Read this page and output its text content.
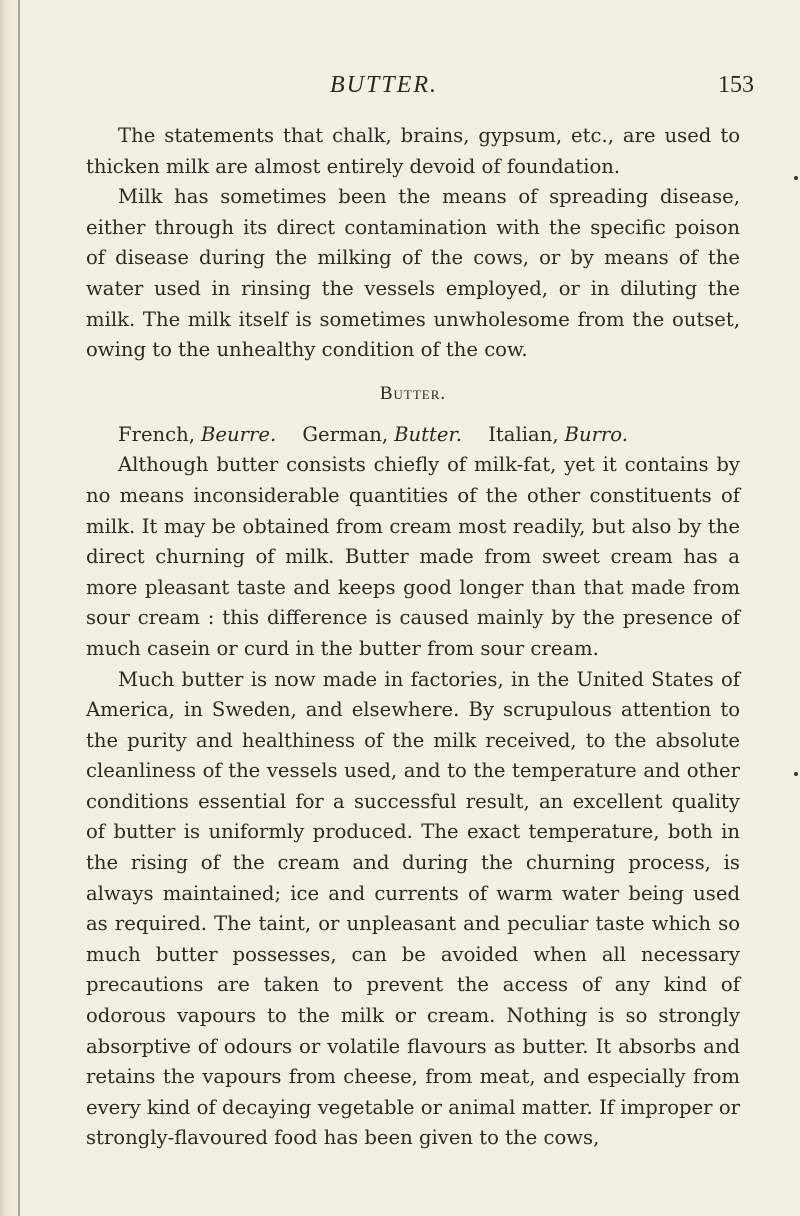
BUTTER.	153

The statements that chalk, brains, gypsum, etc., are used to thicken milk are almost entirely devoid of foundation.

Milk has sometimes been the means of spreading disease, either through its direct contamination with the specific poison of disease during the milking of the cows, or by means of the water used in rinsing the vessels employed, or in diluting the milk. The milk itself is sometimes unwholesome from the outset, owing to the unhealthy condition of the cow.

Butter.

French, Beurre. German, Butter. Italian, Burro.

Although butter consists chiefly of milk-fat, yet it contains by no means inconsiderable quantities of the other constituents of milk. It may be obtained from cream most readily, but also by the direct churning of milk. Butter made from sweet cream has a more pleasant taste and keeps good longer than that made from sour cream : this difference is caused mainly by the presence of much casein or curd in the butter from sour cream.

Much butter is now made in factories, in the United States of America, in Sweden, and elsewhere. By scrupulous attention to the purity and healthiness of the milk received, to the absolute cleanliness of the vessels used, and to the temperature and other conditions essential for a successful result, an excellent quality of butter is uniformly produced. The exact temperature, both in the rising of the cream and during the churning process, is always maintained; ice and currents of warm water being used as required. The taint, or unpleasant and peculiar taste which so much butter possesses, can be avoided when all necessary precautions are taken to prevent the access of any kind of odorous vapours to the milk or cream. Nothing is so strongly absorptive of odours or volatile flavours as butter. It absorbs and retains the vapours from cheese, from meat, and especially from every kind of decaying vegetable or animal matter. If improper or strongly-flavoured food has been given to the cows,
